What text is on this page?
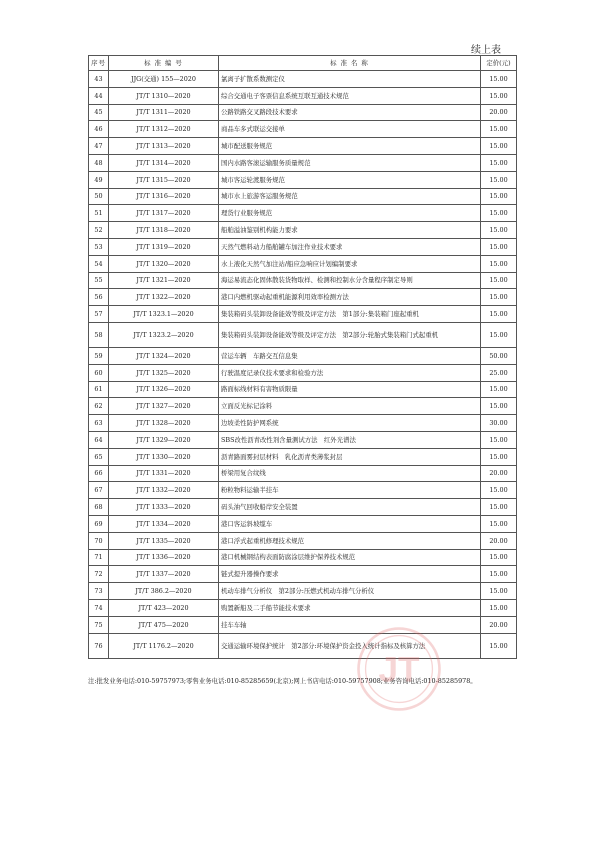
续上表
序号	标 准 编 号	标 准 名 称	定价(元)
43	JJG(交通) 155—2020	氯离子扩散系数测定仪	15.00
44	JT/T 1310—2020	综合交通电子客票信息系统互联互通技术规范	15.00
45	JT/T 1311—2020	公路铁路交叉路段技术要求	20.00
46	JT/T 1312—2020	商品车多式联运交接单	15.00
47	JT/T 1313—2020	城市配送服务规范	15.00
48	JT/T 1314—2020	国内水路客滚运输服务质量规范	15.00
49	JT/T 1315—2020	城市客运轮渡服务规范	15.00
50	JT/T 1316—2020	城市水上旅游客运服务规范	15.00
51	JT/T 1317—2020	理货行业服务规范	15.00
52	JT/T 1318—2020	船舶溢油鉴别机构能力要求	15.00
53	JT/T 1319—2020	天然气燃料动力船舶罐车加注作业技术要求	15.00
54	JT/T 1320—2020	水上液化天然气加注站/船应急响应计划编制要求	15.00
55	JT/T 1321—2020	海运易流态化固体散装货物取样、检测和控制水分含量程序制定导则	15.00
56	JT/T 1322—2020	港口内燃机驱动起重机能源利用效率检测方法	15.00
57	JT/T 1323.1—2020	集装箱码头装卸设备能效等级及评定方法　第1部分:集装箱门座起重机	15.00
58	JT/T 1323.2—2020	集装箱码头装卸设备能效等级及评定方法　第2部分:轮胎式集装箱门式起重机	15.00
59	JT/T 1324—2020	营运车辆　车路交互信息集	50.00
60	JT/T 1325—2020	行驶温度记录仪技术要求和检验方法	25.00
61	JT/T 1326—2020	路面标线材料有害物质限量	15.00
62	JT/T 1327—2020	立面反光标记涂料	15.00
63	JT/T 1328—2020	边坡柔性防护网系统	30.00
64	JT/T 1329—2020	SBS改性沥青改性剂含量测试方法　红外光谱法	15.00
65	JT/T 1330—2020	沥青路面雾封层材料　乳化沥青类薄浆封层	15.00
66	JT/T 1331—2020	桥梁用复合纹线	20.00
67	JT/T 1332—2020	粉粒物料运输半挂车	15.00
68	JT/T 1333—2020	码头油气回收船岸安全装置	15.00
69	JT/T 1334—2020	港口客运斜坡缆车	15.00
70	JT/T 1335—2020	港口浮式起重机修理技术规范	20.00
71	JT/T 1336—2020	港口机械钢结构表面防腐涂层维护保养技术规范	15.00
72	JT/T 1337—2020	链式提升器操作要求	15.00
73	JT/T 386.2—2020	机动车排气分析仪　第2部分:压燃式机动车排气分析仪	15.00
74	JT/T 423—2020	购置新船及二手船节能技术要求	15.00
75	JT/T 475—2020	挂车车轴	20.00
76	JT/T 1176.2—2020	交通运输环境保护统计　第2部分:环境保护资金投入统计指标及核算方法	15.00
注:批发业务电话:010-59757973;零售业务电话:010-85285659(北京);网上书店电话:010-59757908;业务咨询电话:010-85285978。
JT
